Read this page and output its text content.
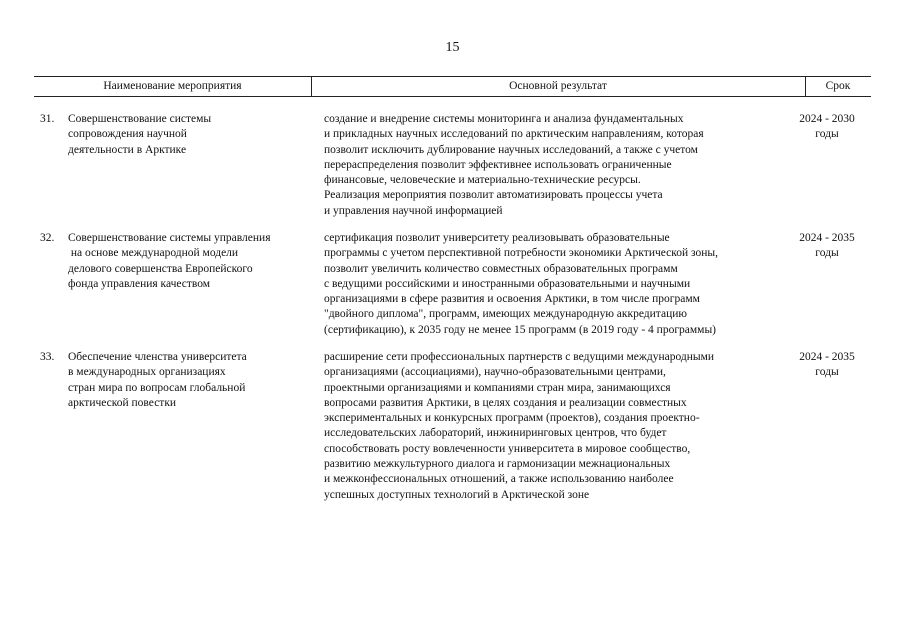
15
Наименование мероприятия	Основной результат	Срок
31. Совершенствование системы
сопровождения научной
деятельности в Арктике
создание и внедрение системы мониторинга и анализа фундаментальных
и прикладных научных исследований по арктическим направлениям, которая
позволит исключить дублирование научных исследований, а также с учетом
перераспределения позволит эффективнее использовать ограниченные
финансовые, человеческие и материально-технические ресурсы.
Реализация мероприятия позволит автоматизировать процессы учета
и управления научной информацией
2024 - 2030
годы
32. Совершенствование системы управления
на основе международной модели
делового совершенства Европейского
фонда управления качеством
сертификация позволит университету реализовывать образовательные
программы с учетом перспективной потребности экономики Арктической зоны,
позволит увеличить количество совместных образовательных программ
с ведущими российскими и иностранными образовательными и научными
организациями в сфере развития и освоения Арктики, в том числе программ
"двойного диплома", программ, имеющих международную аккредитацию
(сертификацию), к 2035 году не менее 15 программ (в 2019 году - 4 программы)
2024 - 2035
годы
33. Обеспечение членства университета
в международных организациях
стран мира по вопросам глобальной
арктической повестки
расширение сети профессиональных партнерств с ведущими международными
организациями (ассоциациями), научно-образовательными центрами,
проектными организациями и компаниями стран мира, занимающихся
вопросами развития Арктики, в целях создания и реализации совместных
экспериментальных и конкурсных программ (проектов), создания проектно-
исследовательских лабораторий, инжиниринговых центров, что будет
способствовать росту вовлеченности университета в мировое сообщество,
развитию межкультурного диалога и гармонизации межнациональных
и межконфессиональных отношений, а также использованию наиболее
успешных доступных технологий в Арктической зоне
2024 - 2035
годы
